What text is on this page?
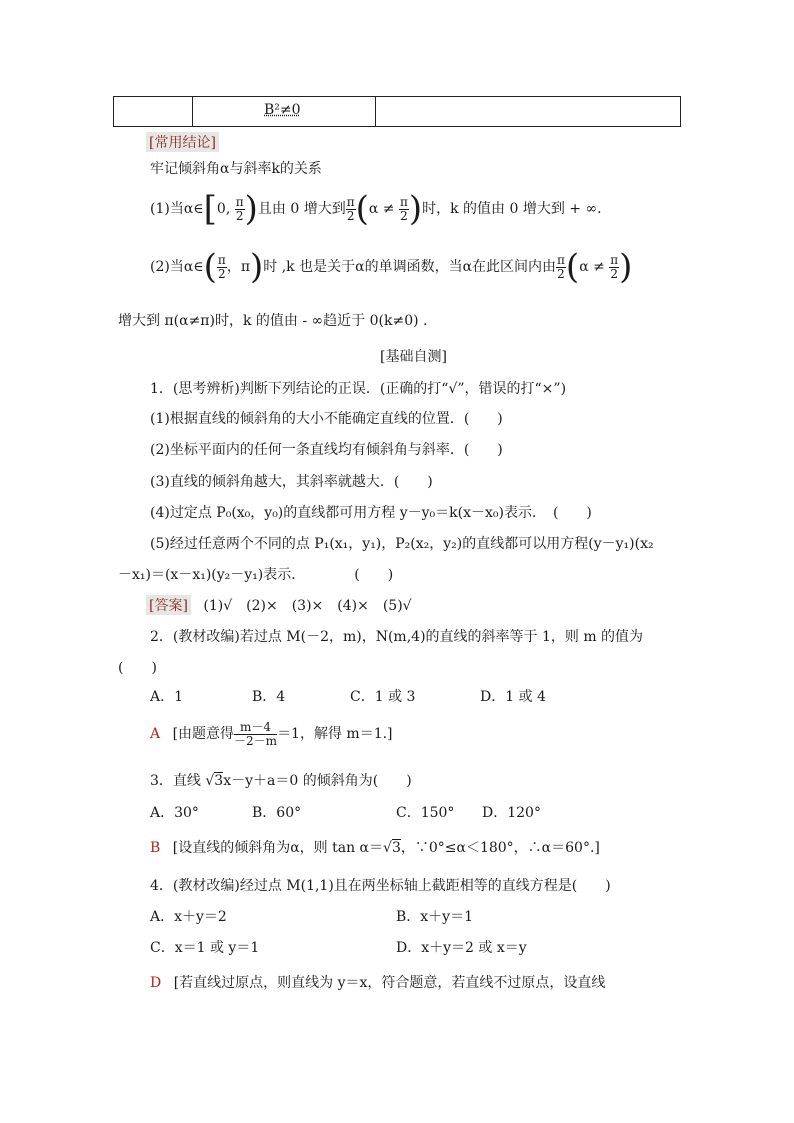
B²≠0
[常用结论]
牢记倾斜角α与斜率k的关系
(1)当α∈[0, $\frac{\pi}{2}$ )且由 0 增大到 $\frac{\pi}{2} (\alpha \ne \frac{\pi}{2}$ )时，k 的值由 0 增大到 + ∞.
(2)当α∈( $\frac{\pi}{2}$ ，π)时 ,k 也是关于α的单调函数，当α在此区间内由 $\frac{\pi}{2} (\alpha \ne \frac{\pi}{2}$ )
增大到 π(α≠π)时，k 的值由 - ∞趋近于 0(k≠0) .
[基础自测]
1．(思考辨析)判断下列结论的正误．(正确的打“√”，错误的打“×”)
(1)根据直线的倾斜角的大小不能确定直线的位置．(　　)
(2)坐标平面内的任何一条直线均有倾斜角与斜率．(　　)
(3)直线的倾斜角越大，其斜率就越大．(　　)
(4)过定点 P₀(x₀，y₀)的直线都可用方程 y－y₀＝k(x－x₀)表示．　(　　)
(5)经过任意两个不同的点 P₁(x₁，y₁)，P₂(x₂，y₂)的直线都可以用方程(y－y₁)(x₂
－x₁)＝(x－x₁)(y₂－y₁)表示．　　　　(　　)
[答案] (1)√　(2)×　(3)×　(4)×　(5)√
2．(教材改编)若过点 M(－2，m)，N(m,4)的直线的斜率等于 1，则 m 的值为
(　　)
A．1	B．4	C．1 或 3	D．1 或 4
A [由题意得 $\frac{m-4}{-2-m} =1$，解得 m＝1.]
3．直线 √3x－y＋a＝0 的倾斜角为(　　)
A．30°	B．60°	C．150° D．120°
B [设直线的倾斜角为α，则 tan α＝√3，∵0°≤α＜180°，∴α＝60°.]
4．(教材改编)经过点 M(1,1)且在两坐标轴上截距相等的直线方程是(　　)
A．x＋y＝2	B．x＋y＝1
C．x＝1 或 y＝1	D．x＋y＝2 或 x＝y
D [若直线过原点，则直线为 y＝x，符合题意，若直线不过原点，设直线
